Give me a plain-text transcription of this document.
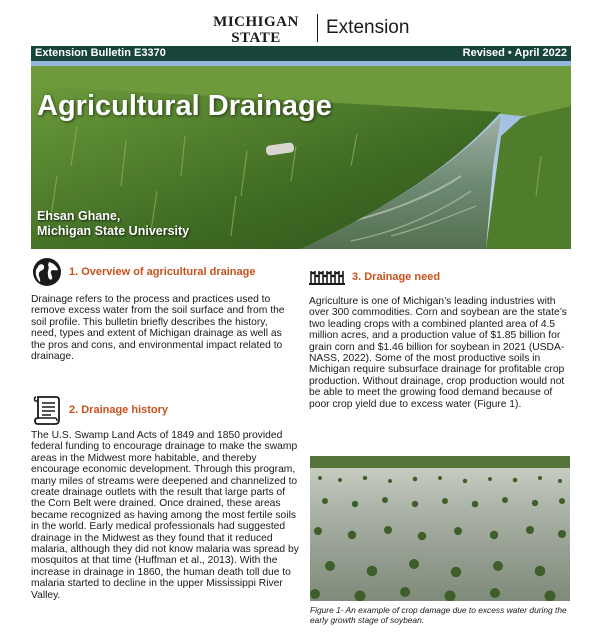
MICHIGAN STATE	Extension
Extension Bulletin E3370	Revised • April 2022
Agricultural Drainage
Ehsan Ghane,
Michigan State University
1. Overview of agricultural drainage

Drainage refers to the process and practices used to remove excess water from the soil surface and from the soil profile. This bulletin briefly describes the history, need, types and extent of Michigan drainage as well as the pros and cons, and environmental impact related to drainage.

2. Drainage history

The U.S. Swamp Land Acts of 1849 and 1850 provided federal funding to encourage drainage to make the swamp areas in the Midwest more habitable, and thereby encourage economic development. Through this program, many miles of streams were deepened and channelized to create drainage outlets with the result that large parts of the Corn Belt were drained. Once drained, these areas became recognized as having among the most fertile soils in the world. Early medical professionals had suggested drainage in the Midwest as they found that it reduced malaria, although they did not know malaria was spread by mosquitos at that time (Huffman et al., 2013). With the increase in drainage in 1860, the human death toll due to malaria started to decline in the upper Mississippi River Valley.

3. Drainage need

Agriculture is one of Michigan’s leading industries with over 300 commodities. Corn and soybean are the state’s two leading crops with a combined planted area of 4.5 million acres, and a production value of $1.85 billion for grain corn and $1.46 billion for soybean in 2021 (USDA-NASS, 2022). Some of the most productive soils in Michigan require subsurface drainage for profitable crop production. Without drainage, crop production would not be able to meet the growing food demand because of poor crop yield due to excess water (Figure 1).

Figure 1- An example of crop damage due to excess water during the early growth stage of soybean.
